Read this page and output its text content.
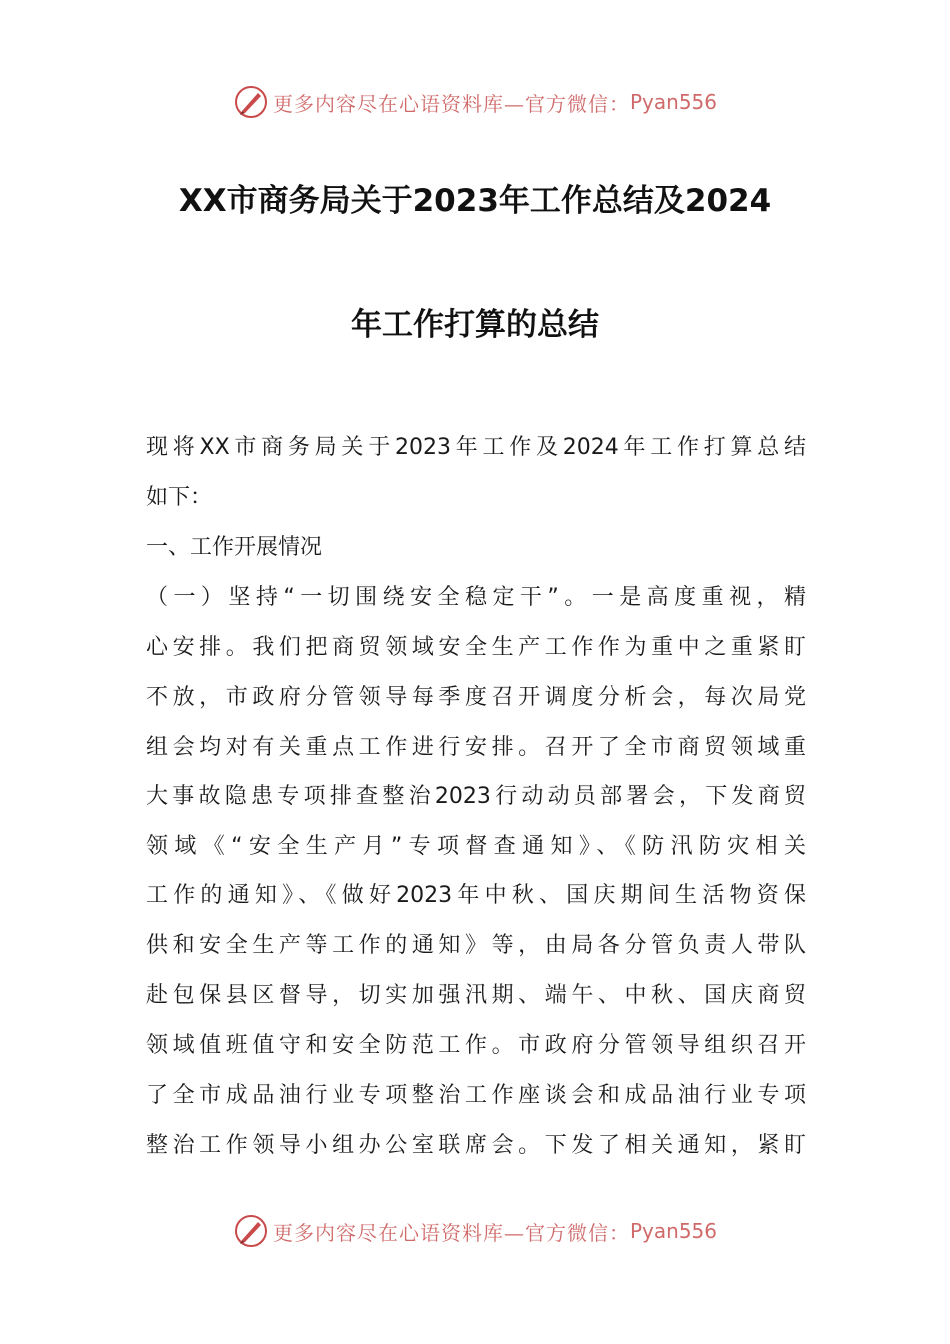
更多内容尽在心语资料库—官方微信： Pyan556
XX市商务局关于2023年工作总结及2024
年工作打算的总结
现将XX市商务局关于2023年工作及2024年工作打算总结
如下：
一、工作开展情况
（一）坚持“一切围绕安全稳定干”。一是高度重视，精
心安排。我们把商贸领域安全生产工作作为重中之重紧盯
不放，市政府分管领导每季度召开调度分析会，每次局党
组会均对有关重点工作进行安排。召开了全市商贸领域重
大事故隐患专项排查整治2023行动动员部署会，下发商贸
领域《“安全生产月”专项督查通知》、《防汛防灾相关
工作的通知》、《做好2023年中秋、国庆期间生活物资保
供和安全生产等工作的通知》等，由局各分管负责人带队
赴包保县区督导，切实加强汛期、端午、中秋、国庆商贸
领域值班值守和安全防范工作。市政府分管领导组织召开
了全市成品油行业专项整治工作座谈会和成品油行业专项
整治工作领导小组办公室联席会。下发了相关通知，紧盯
更多内容尽在心语资料库—官方微信： Pyan556
